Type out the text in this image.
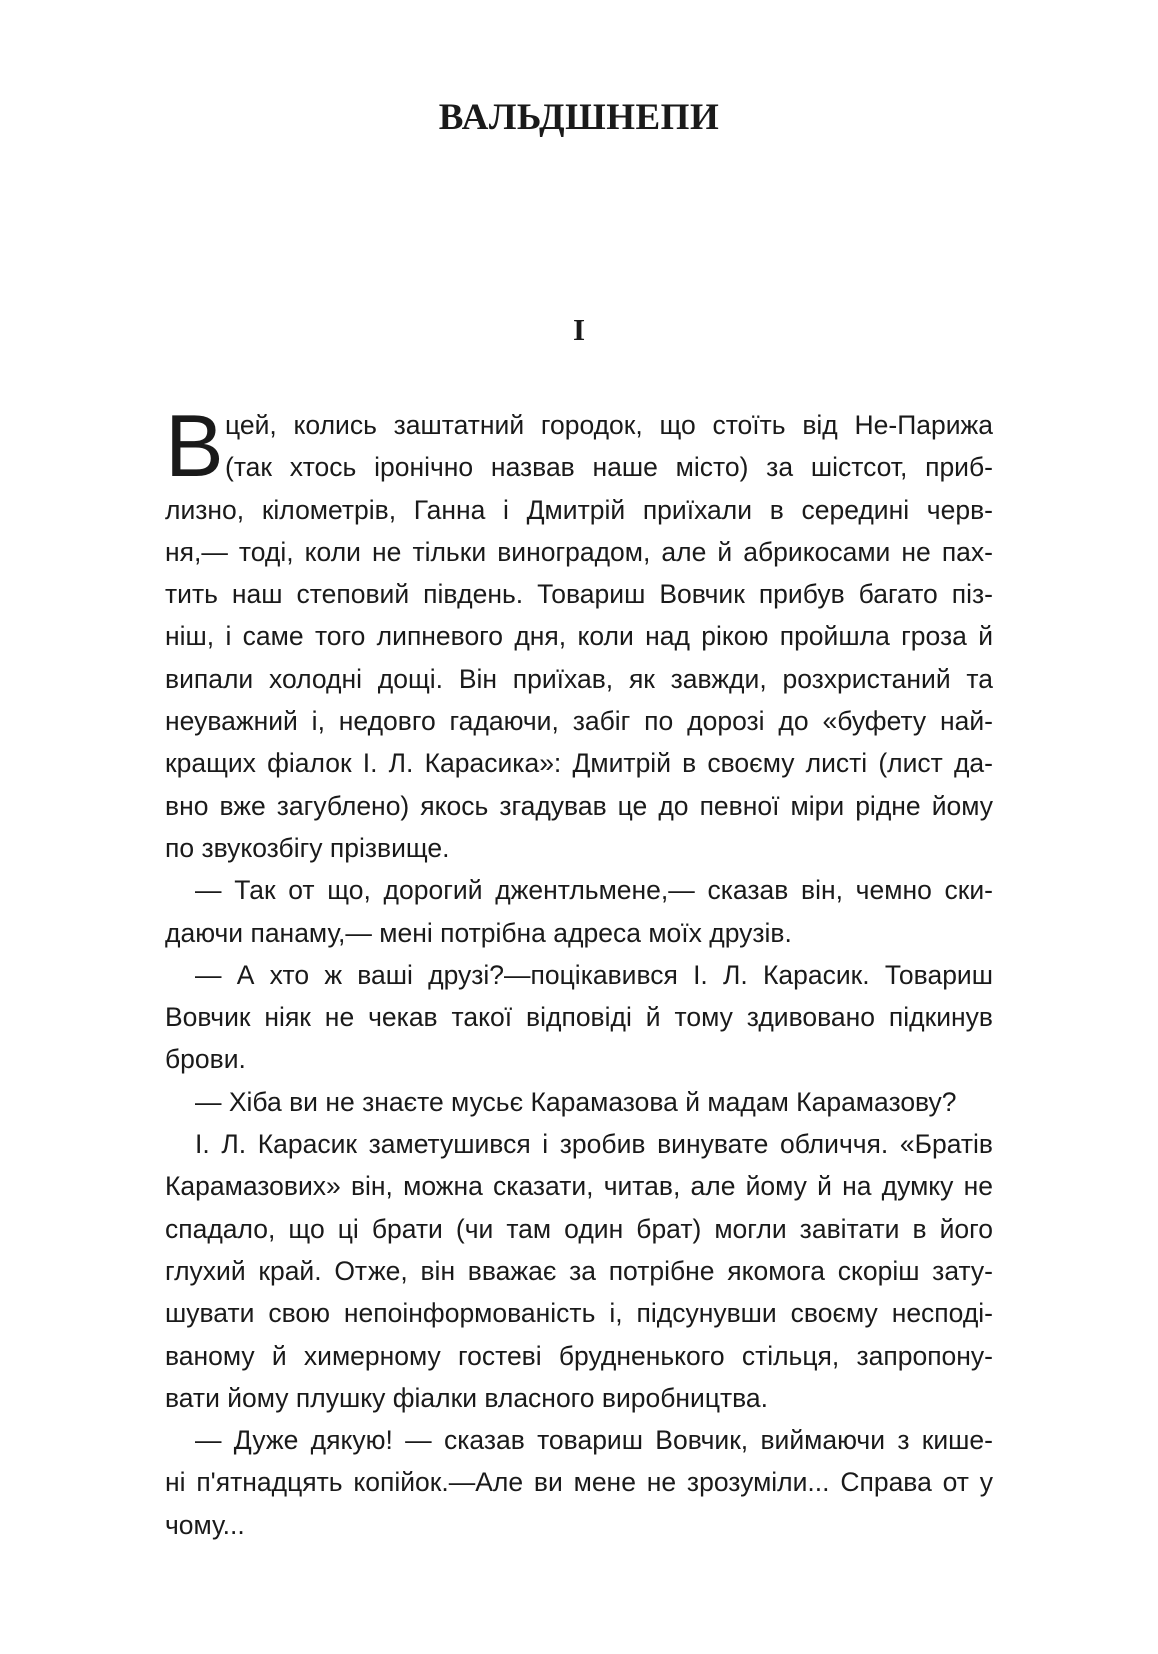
ВАЛЬДШНЕПИ
I
В цей, колись заштатний городок, що стоїть від Не-Парижа
(так хтось іронічно назвав наше місто) за шістсот, приб-
лизно, кілометрів, Ганна і Дмитрій приїхали в середині черв-
ня,— тоді, коли не тільки виноградом, але й абрикосами не пах-
тить наш степовий південь. Товариш Вовчик прибув багато піз-
ніш, і саме того липневого дня, коли над рікою пройшла гроза й
випали холодні дощі. Він приїхав, як завжди, розхристаний та
неуважний і, недовго гадаючи, забіг по дорозі до «буфету най-
кращих фіалок І. Л. Карасика»: Дмитрій в своєму листі (лист да-
вно вже загублено) якось згадував це до певної міри рідне йому
по звукозбігу прізвище.
— Так от що, дорогий джентльмене,— сказав він, чемно ски-
даючи панаму,— мені потрібна адреса моїх друзів.
— А хто ж ваші друзі?—поцікавився І. Л. Карасик. Товариш
Вовчик ніяк не чекав такої відповіді й тому здивовано підкинув
брови.
— Хіба ви не знаєте мусьє Карамазова й мадам Карамазову?
І. Л. Карасик заметушився і зробив винувате обличчя. «Братів
Карамазових» він, можна сказати, читав, але йому й на думку не
спадало, що ці брати (чи там один брат) могли завітати в його
глухий край. Отже, він вважає за потрібне якомога скоріш зату-
шувати свою непоінформованість і, підсунувши своєму несподі-
ваному й химерному гостеві брудненького стільця, запропону-
вати йому плушку фіалки власного виробництва.
— Дуже дякую! — сказав товариш Вовчик, виймаючи з кише-
ні п'ятнадцять копійок.—Але ви мене не зрозуміли... Справа от у
чому...
